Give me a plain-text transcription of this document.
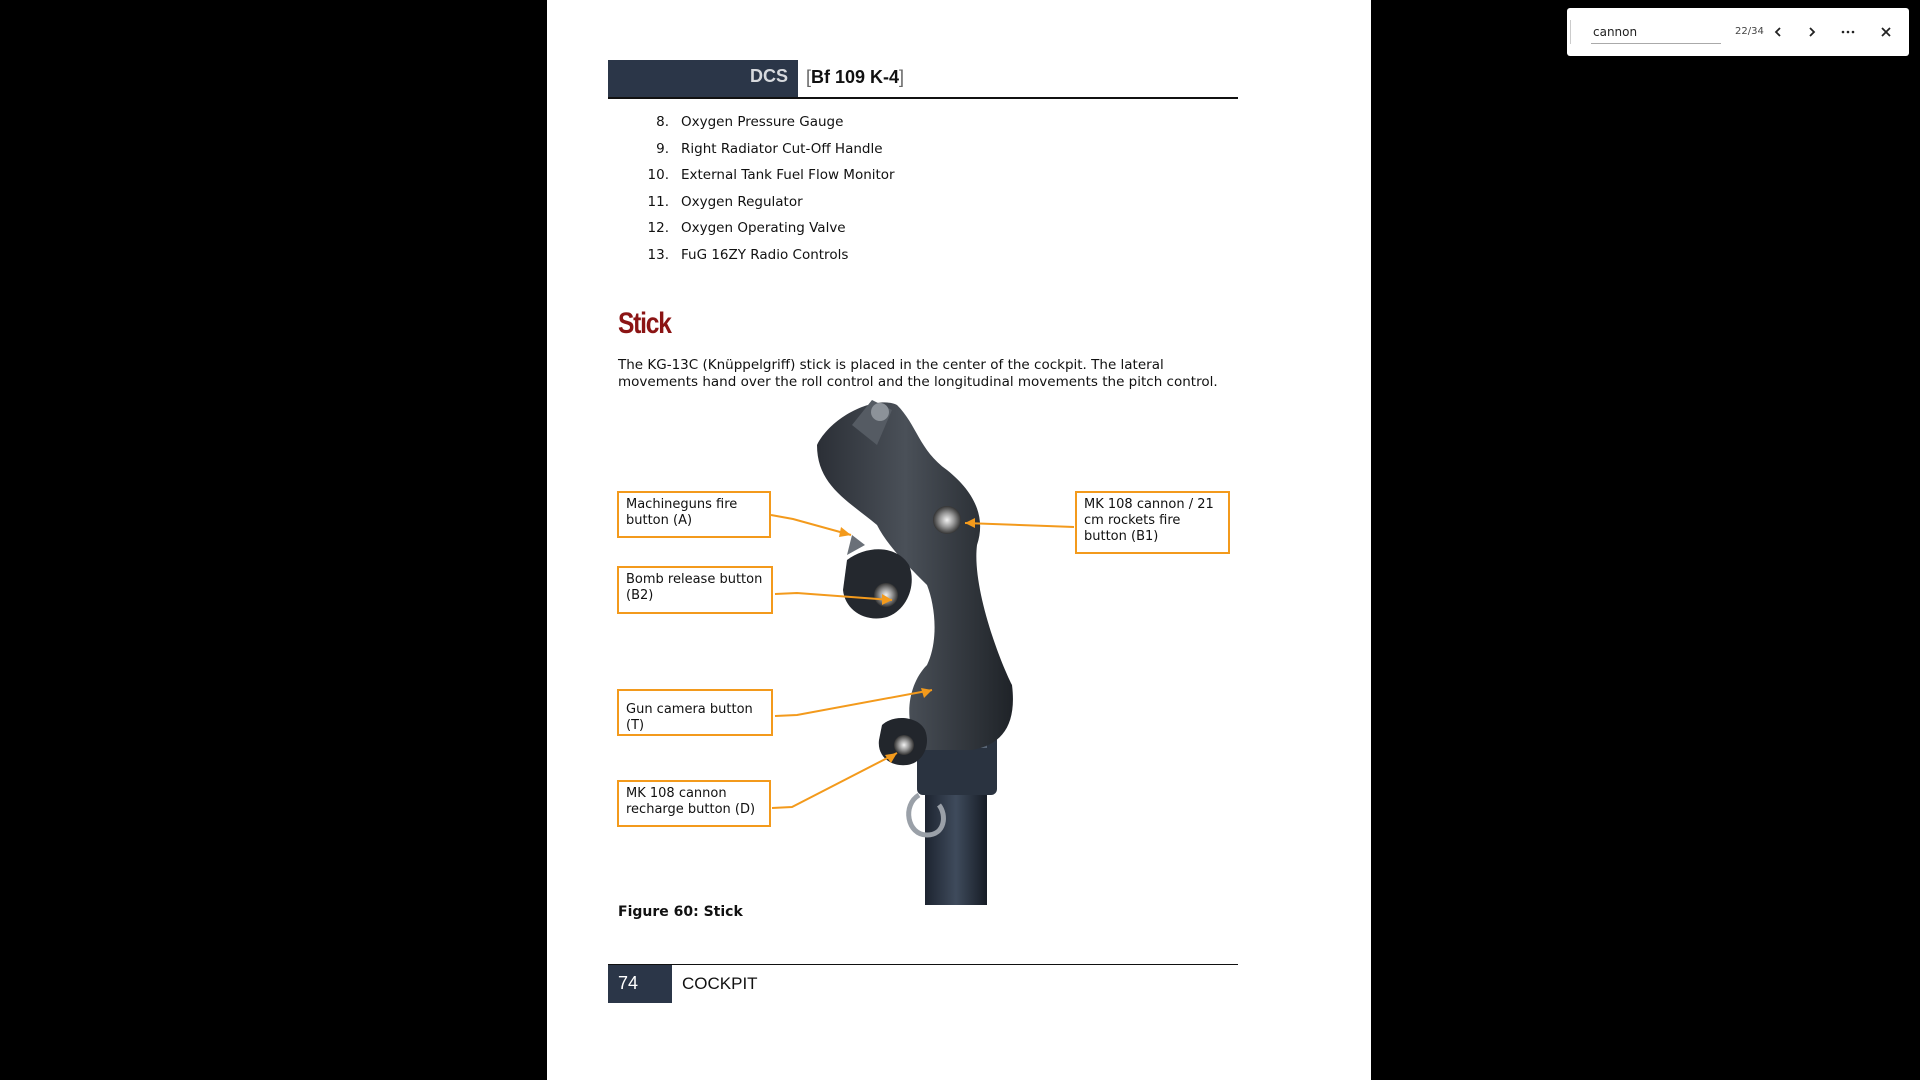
DCS [Bf 109 K-4]
8. Oxygen Pressure Gauge
9. Right Radiator Cut-Off Handle
10. External Tank Fuel Flow Monitor
11. Oxygen Regulator
12. Oxygen Operating Valve
13. FuG 16ZY Radio Controls
Stick
The KG-13C (Knüppelgriff) stick is placed in the center of the cockpit. The lateral movements hand over the roll control and the longitudinal movements the pitch control.
Machineguns fire button (A)
Bomb release button (B2)
Gun camera button (T)
MK 108 cannon recharge button (D)
MK 108 cannon / 21 cm rockets fire button (B1)
Figure 60: Stick
74	COCKPIT
cannon
22/34
